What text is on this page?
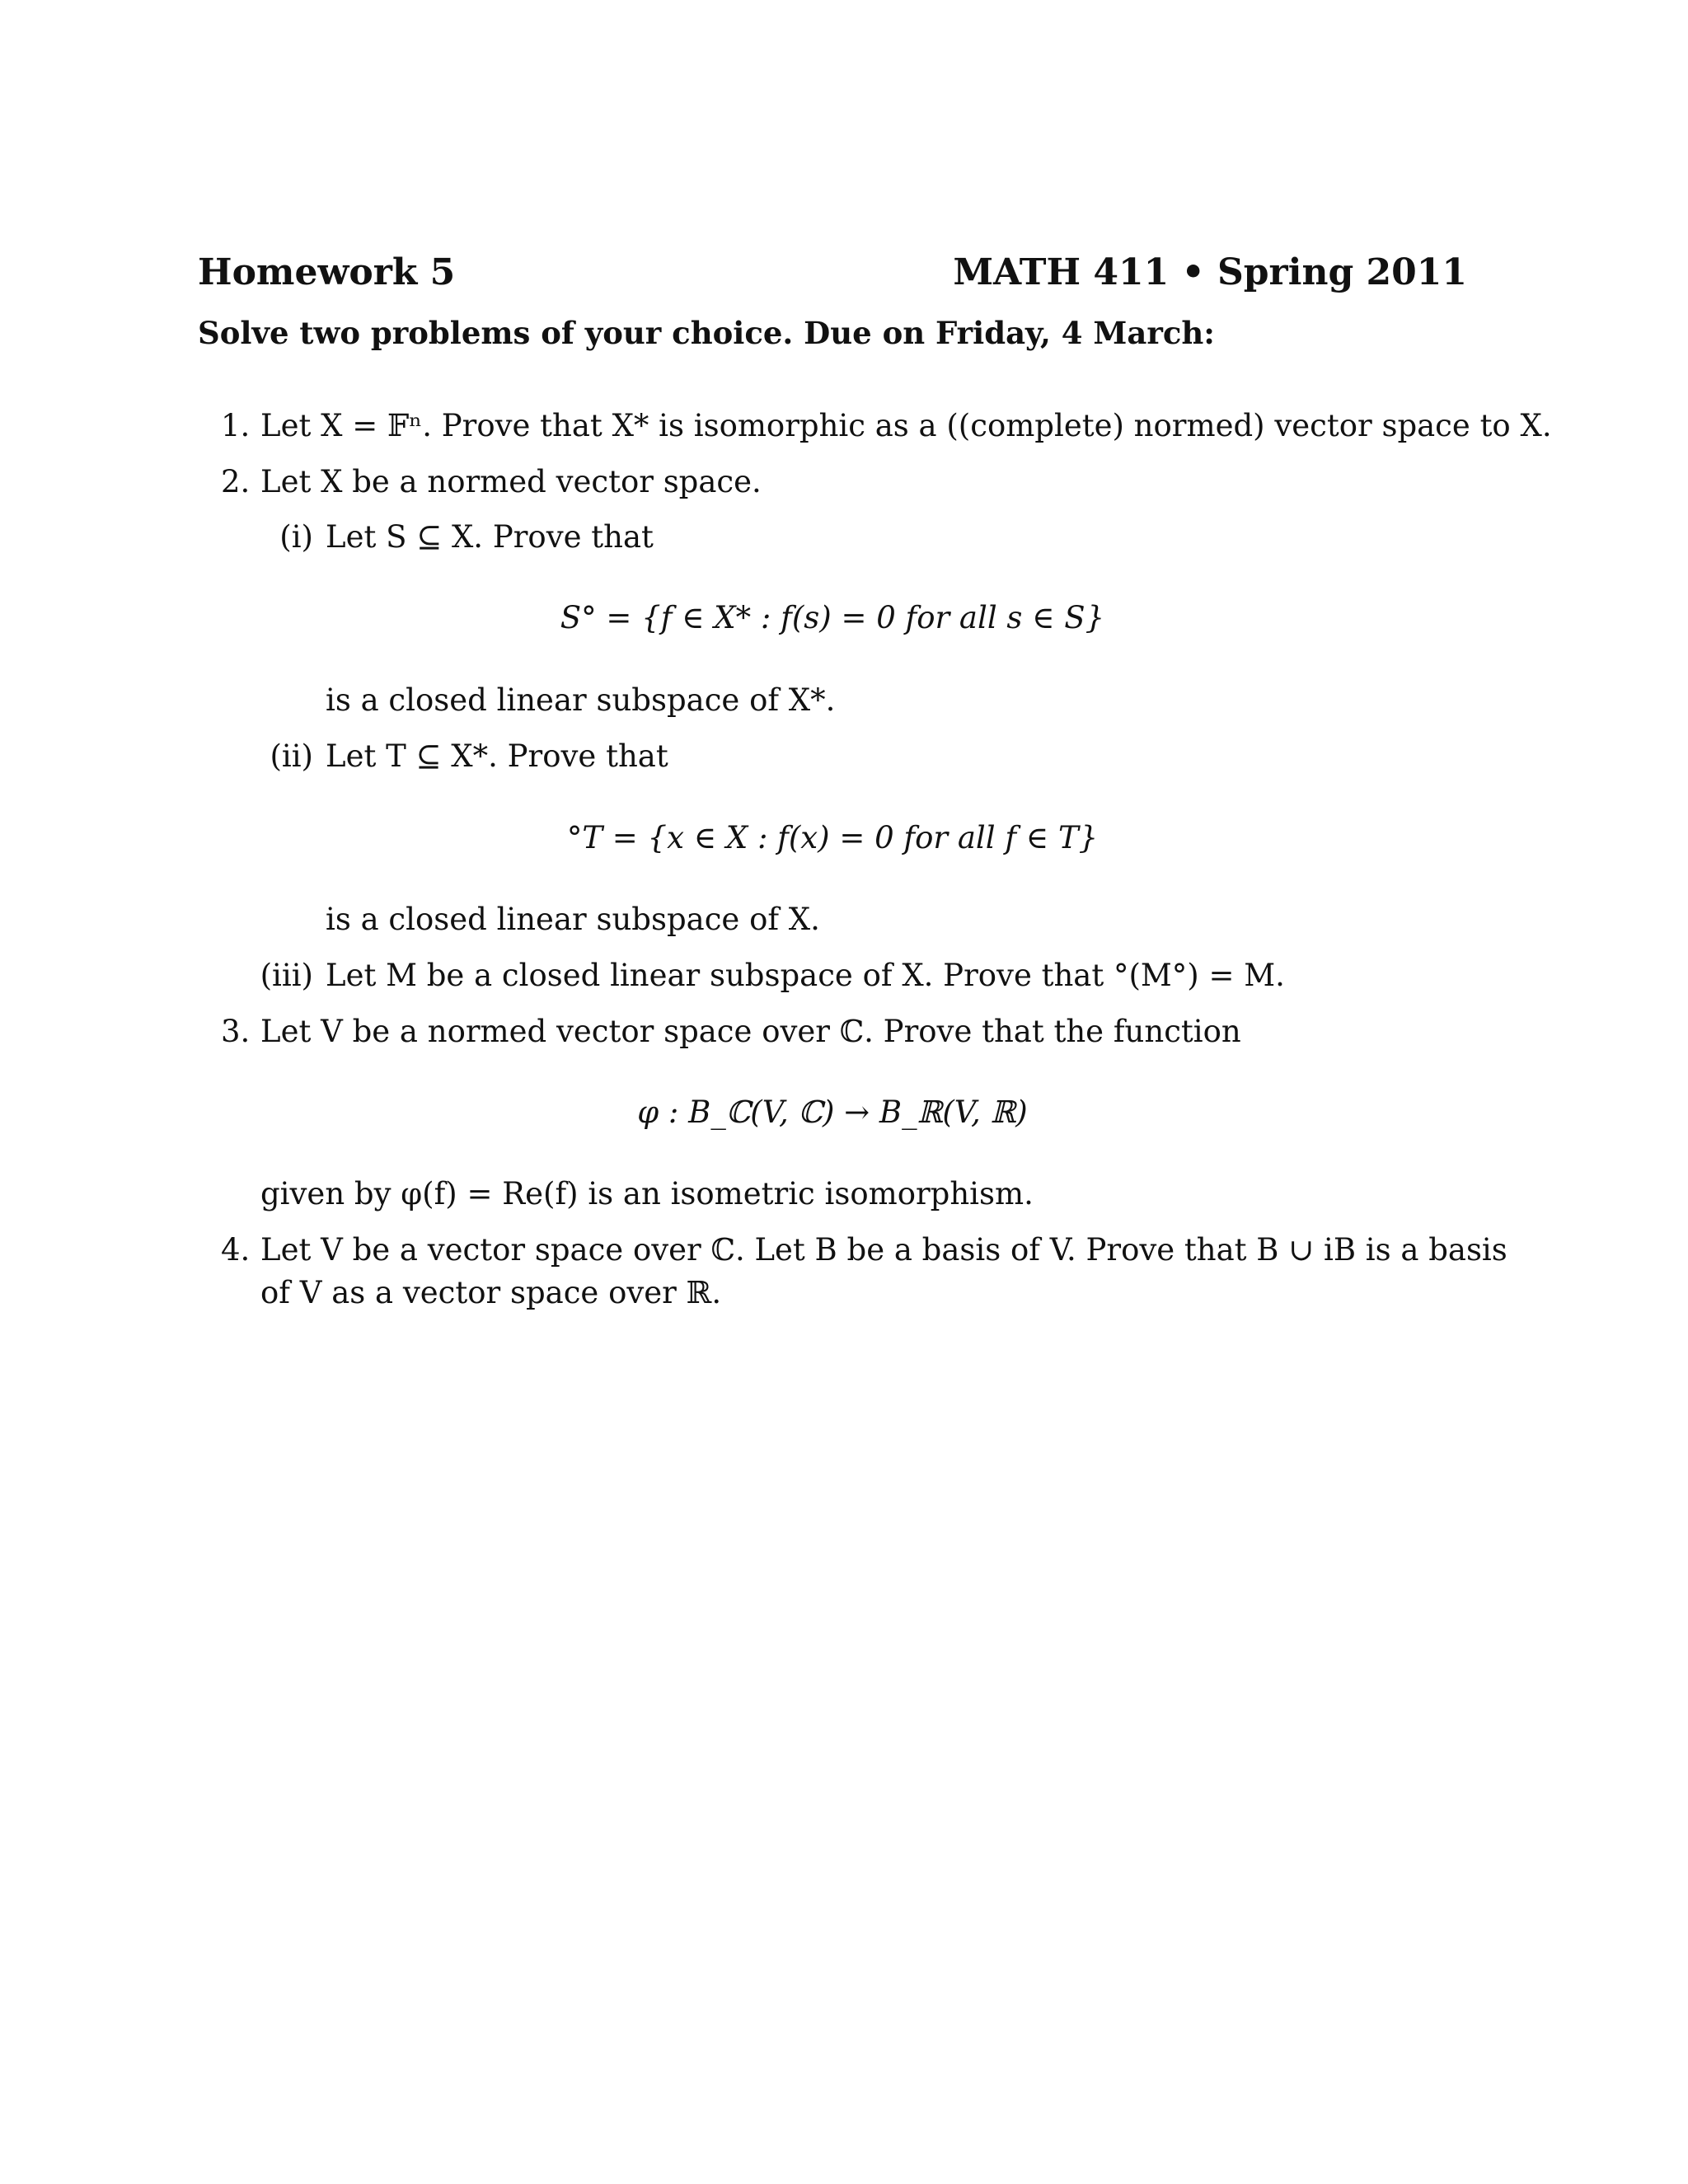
Homework 5	MATH 411 • Spring 2011
Solve two problems of your choice. Due on Friday, 4 March:
1. Let X = 𝔽ⁿ. Prove that X* is isomorphic as a ((complete) normed) vector space to X.
2. Let X be a normed vector space.
(i) Let S ⊆ X. Prove that
S° = {f ∈ X* : f(s) = 0 for all s ∈ S}
is a closed linear subspace of X*.
(ii) Let T ⊆ X*. Prove that
°T = {x ∈ X : f(x) = 0 for all f ∈ T}
is a closed linear subspace of X.
(iii) Let M be a closed linear subspace of X. Prove that °(M°) = M.
3. Let V be a normed vector space over ℂ. Prove that the function
φ : B_ℂ(V, ℂ) → B_ℝ(V, ℝ)
given by φ(f) = Re(f) is an isometric isomorphism.
4. Let V be a vector space over ℂ. Let B be a basis of V. Prove that B ∪ iB is a basis
of V as a vector space over ℝ.
